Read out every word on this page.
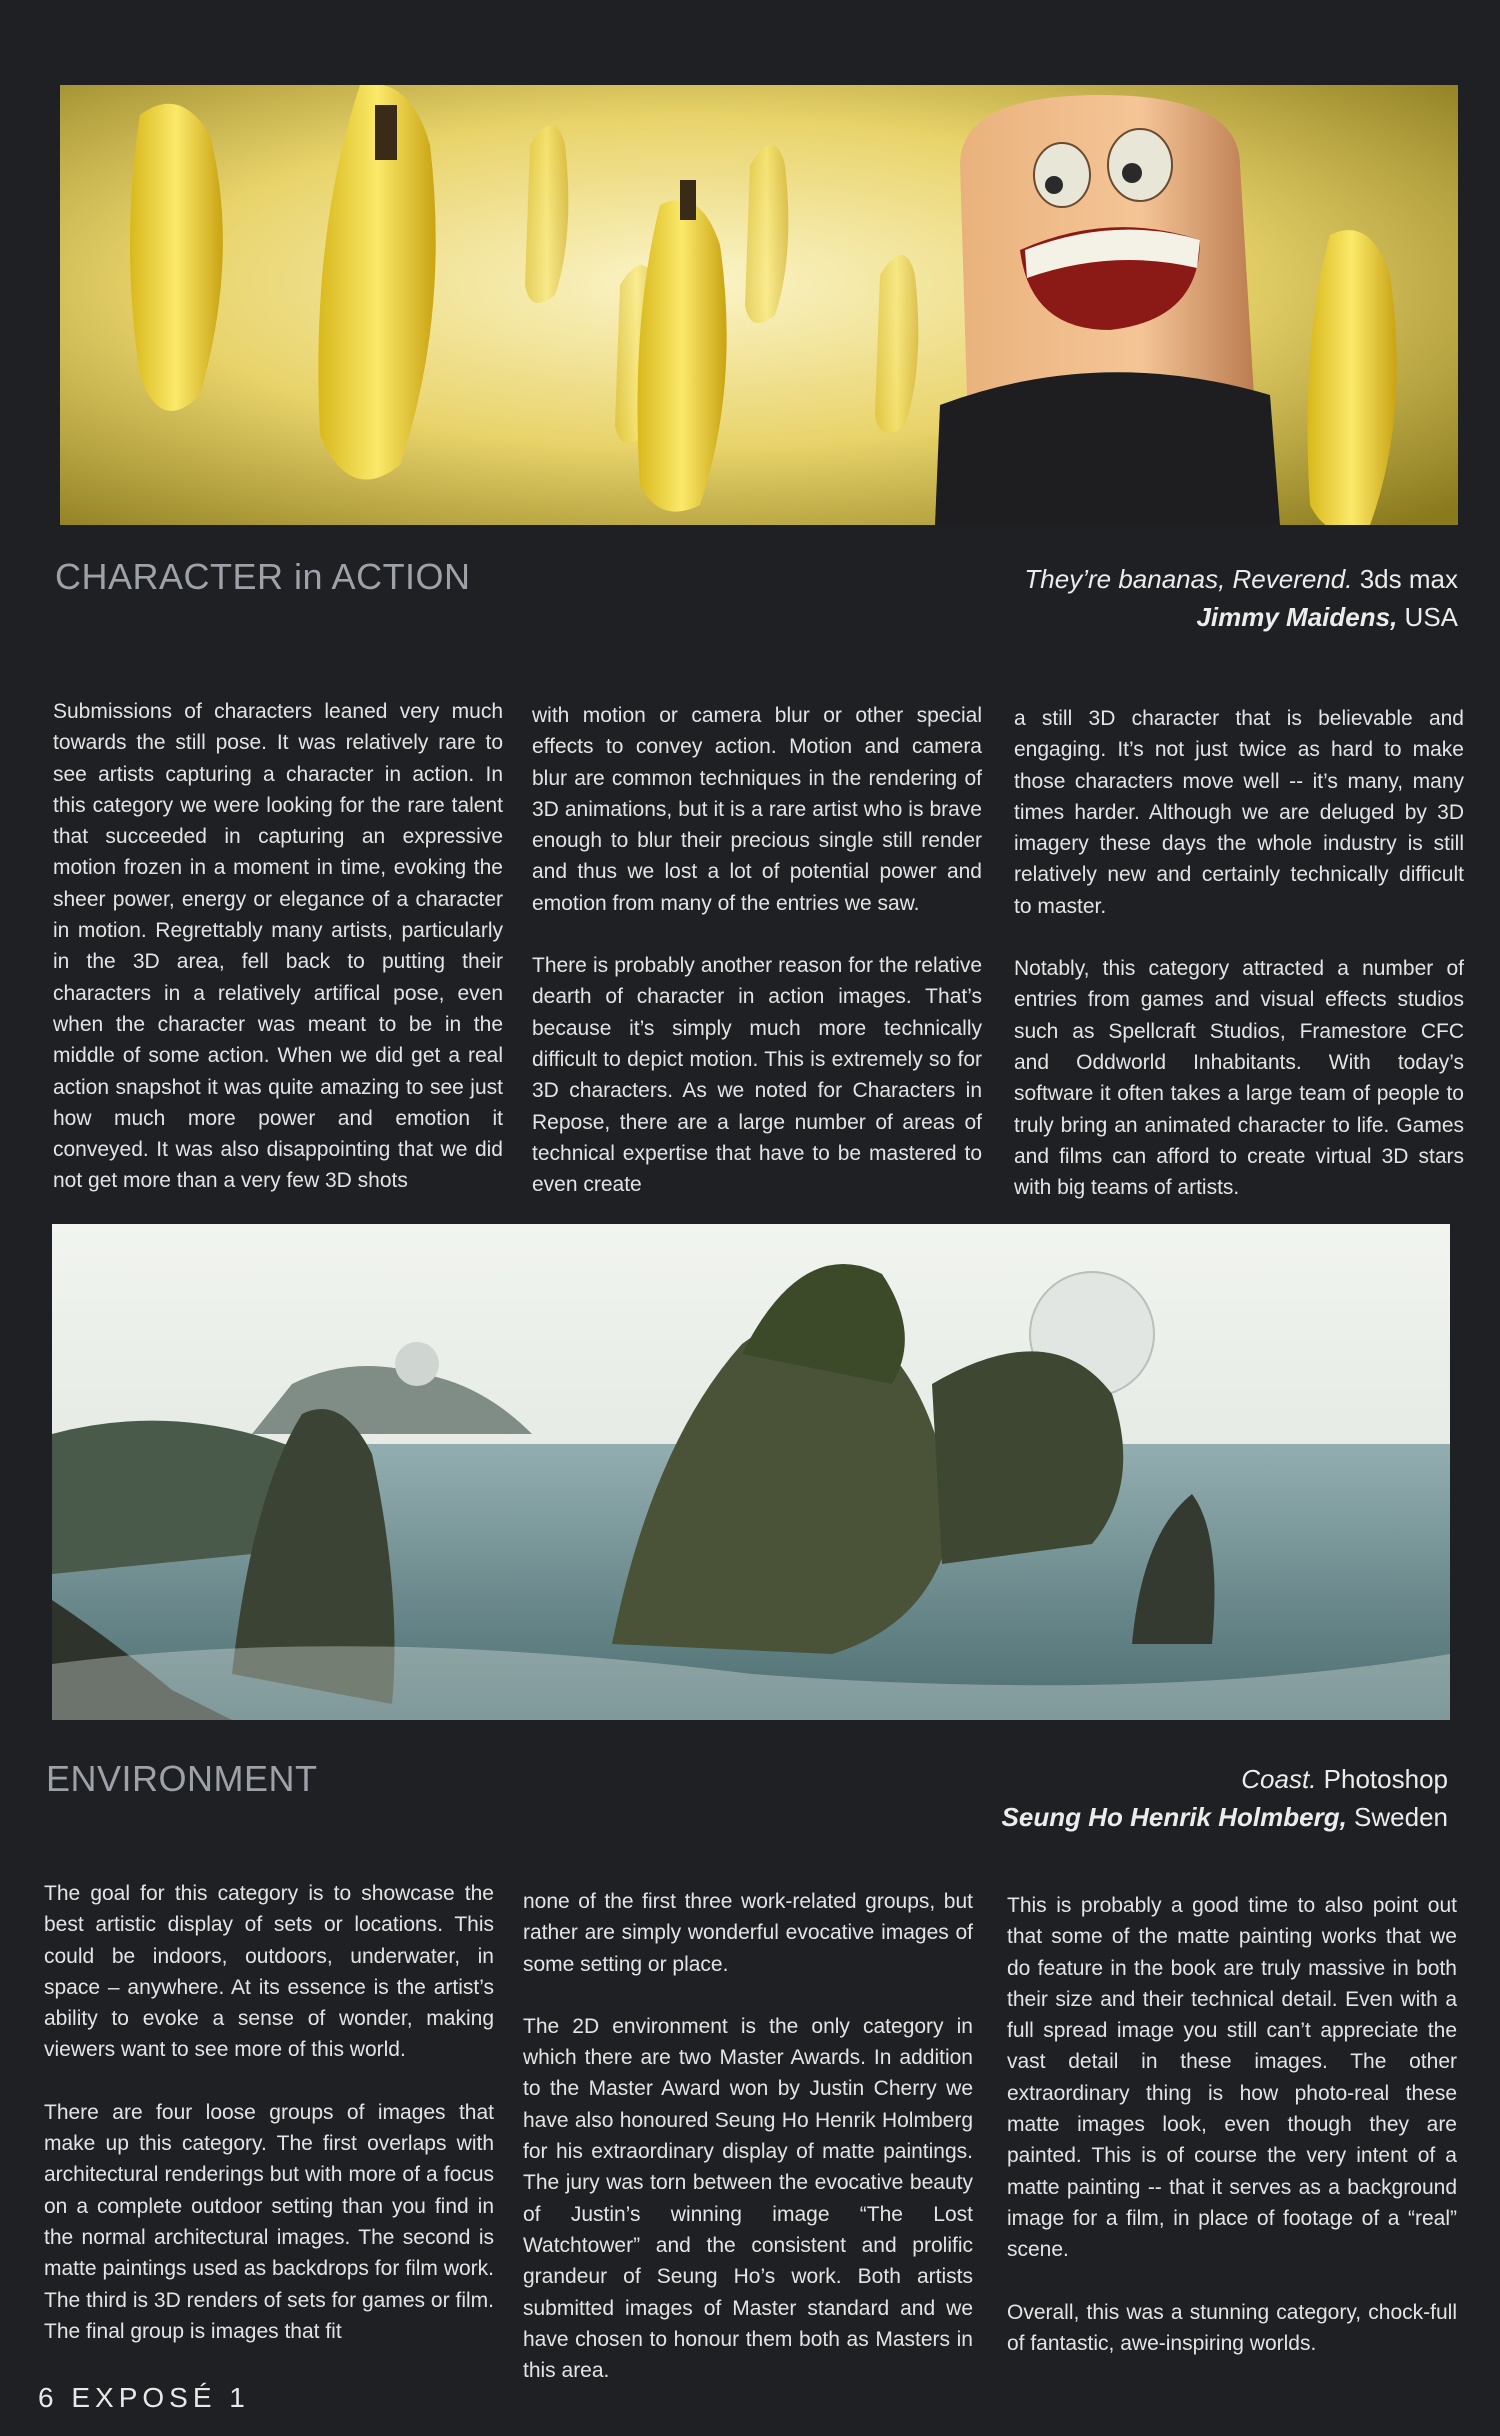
CHARACTER in ACTION	They’re bananas, Reverend. 3ds max
Jimmy Maidens, USA

Submissions of characters leaned very much towards the still pose. It was relatively rare to see artists capturing a character in action. In this category we were looking for the rare talent that succeeded in capturing an expressive motion frozen in a moment in time, evoking the sheer power, energy or elegance of a character in motion. Regrettably many artists, particularly in the 3D area, fell back to putting their characters in a relatively artifical pose, even when the character was meant to be in the middle of some action. When we did get a real action snapshot it was quite amazing to see just how much more power and emotion it conveyed. It was also disappointing that we did not get more than a very few 3D shots

with motion or camera blur or other special effects to convey action. Motion and camera blur are common techniques in the rendering of 3D animations, but it is a rare artist who is brave enough to blur their precious single still render and thus we lost a lot of potential power and emotion from many of the entries we saw.

There is probably another reason for the relative dearth of character in action images. That’s because it’s simply much more technically difficult to depict motion. This is extremely so for 3D characters. As we noted for Characters in Repose, there are a large number of areas of technical expertise that have to be mastered to even create

a still 3D character that is believable and engaging. It’s not just twice as hard to make those characters move well -- it’s many, many times harder. Although we are deluged by 3D imagery these days the whole industry is still relatively new and certainly technically difficult to master.

Notably, this category attracted a number of entries from games and visual effects studios such as Spellcraft Studios, Framestore CFC and Oddworld Inhabitants. With today’s software it often takes a large team of people to truly bring an animated character to life. Games and films can afford to create virtual 3D stars with big teams of artists.

ENVIRONMENT	Coast. Photoshop
Seung Ho Henrik Holmberg, Sweden

The goal for this category is to showcase the best artistic display of sets or locations. This could be indoors, outdoors, underwater, in space – anywhere. At its essence is the artist’s ability to evoke a sense of wonder, making viewers want to see more of this world.

There are four loose groups of images that make up this category. The first overlaps with architectural renderings but with more of a focus on a complete outdoor setting than you find in the normal architectural images. The second is matte paintings used as backdrops for film work. The third is 3D renders of sets for games or film. The final group is images that fit

none of the first three work-related groups, but rather are simply wonderful evocative images of some setting or place.

The 2D environment is the only category in which there are two Master Awards. In addition to the Master Award won by Justin Cherry we have also honoured Seung Ho Henrik Holmberg for his extraordinary display of matte paintings. The jury was torn between the evocative beauty of Justin’s winning image “The Lost Watchtower” and the consistent and prolific grandeur of Seung Ho’s work. Both artists submitted images of Master standard and we have chosen to honour them both as Masters in this area.

This is probably a good time to also point out that some of the matte painting works that we do feature in the book are truly massive in both their size and their technical detail. Even with a full spread image you still can’t appreciate the vast detail in these images. The other extraordinary thing is how photo-real these matte images look, even though they are painted. This is of course the very intent of a matte painting -- that it serves as a background image for a film, in place of footage of a “real” scene.

Overall, this was a stunning category, chock-full of fantastic, awe-inspiring worlds.

6 EXPOSÉ 1
